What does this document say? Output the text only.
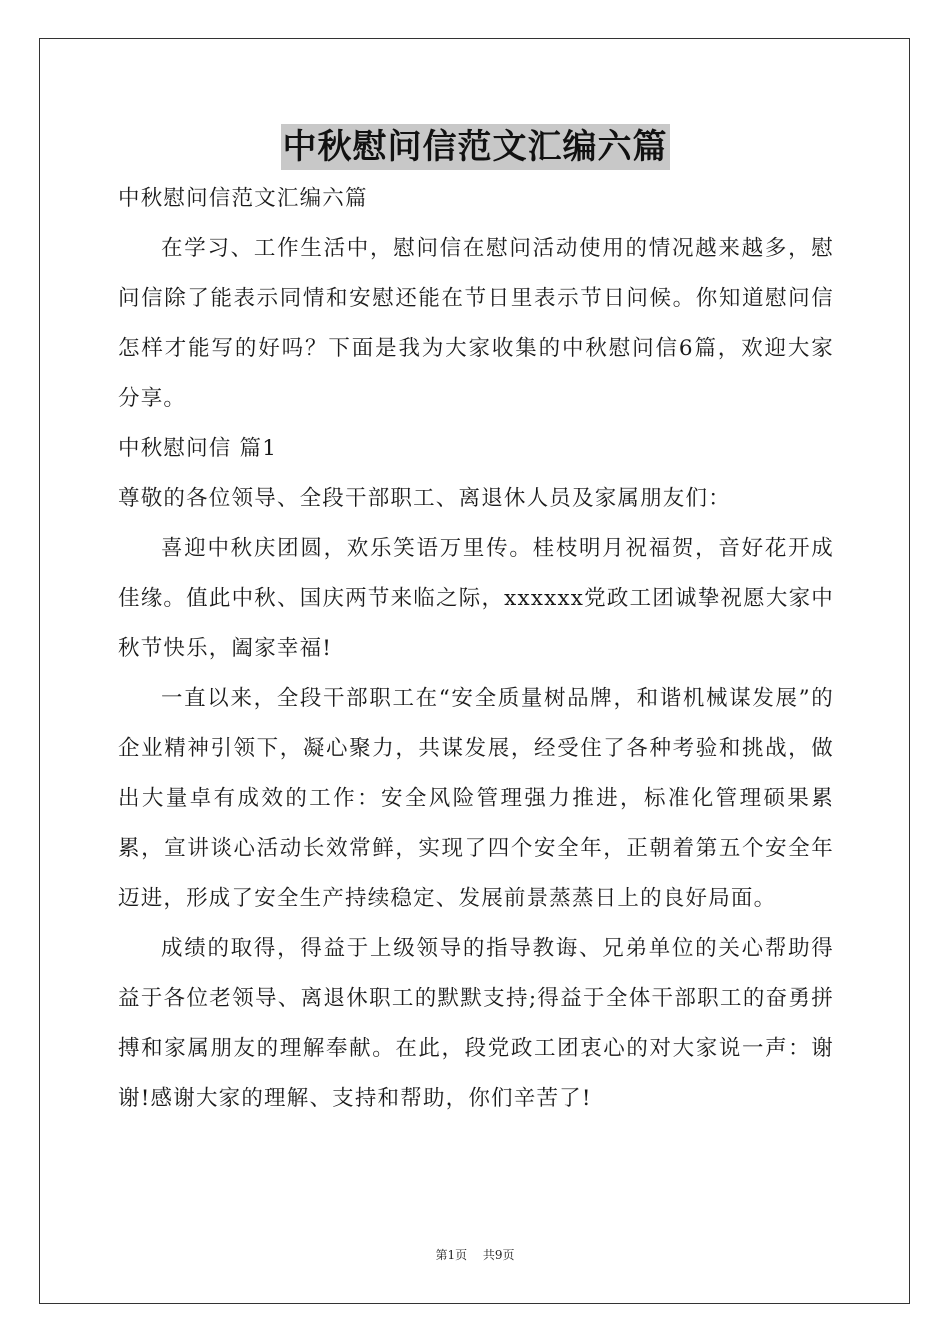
中秋慰问信范文汇编六篇

中秋慰问信范文汇编六篇

在学习、工作生活中，慰问信在慰问活动使用的情况越来越多，慰问信除了能表示同情和安慰还能在节日里表示节日问候。你知道慰问信怎样才能写的好吗？下面是我为大家收集的中秋慰问信6篇，欢迎大家分享。

中秋慰问信 篇1

尊敬的各位领导、全段干部职工、离退休人员及家属朋友们：

喜迎中秋庆团圆，欢乐笑语万里传。桂枝明月祝福贺，音好花开成佳缘。值此中秋、国庆两节来临之际，xxxxxx党政工团诚挚祝愿大家中秋节快乐，阖家幸福!

一直以来，全段干部职工在“安全质量树品牌，和谐机械谋发展”的企业精神引领下，凝心聚力，共谋发展，经受住了各种考验和挑战，做出大量卓有成效的工作：安全风险管理强力推进，标准化管理硕果累累，宣讲谈心活动长效常鲜，实现了四个安全年，正朝着第五个安全年迈进，形成了安全生产持续稳定、发展前景蒸蒸日上的良好局面。

成绩的取得，得益于上级领导的指导教诲、兄弟单位的关心帮助得益于各位老领导、离退休职工的默默支持;得益于全体干部职工的奋勇拼搏和家属朋友的理解奉献。在此，段党政工团衷心的对大家说一声：谢谢!感谢大家的理解、支持和帮助，你们辛苦了!

第1页 共9页
